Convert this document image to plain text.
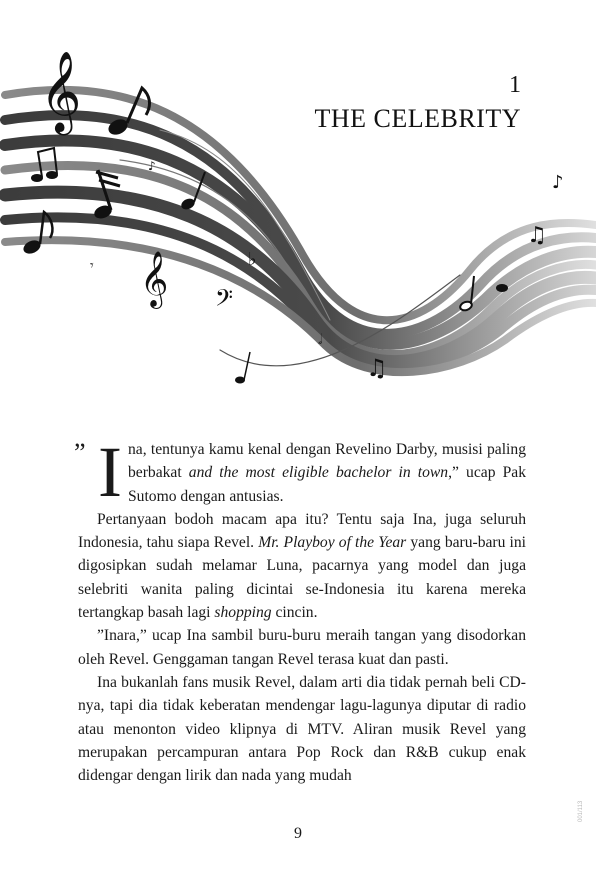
𝄞
𝄞 𝄢
♭
𝄾
♪
𝅗𝅥
♫
♫
♪
1
THE CELEBRITY

” I na, tentunya kamu kenal dengan Revelino Darby, musisi paling berbakat and the most eligible bachelor in town,” ucap Pak Sutomo dengan antusias.

Pertanyaan bodoh macam apa itu? Tentu saja Ina, juga seluruh Indonesia, tahu siapa Revel. Mr. Playboy of the Year yang baru-baru ini digosipkan sudah melamar Luna, pacarnya yang model dan juga selebriti wanita paling dicintai se-Indonesia itu karena mereka tertangkap basah lagi shopping cincin.

”Inara,” ucap Ina sambil buru-buru meraih tangan yang disodorkan oleh Revel. Genggaman tangan Revel terasa kuat dan pasti.

Ina bukanlah fans musik Revel, dalam arti dia tidak pernah beli CD-nya, tapi dia tidak keberatan mendengar lagu-lagunya diputar di radio atau menonton video klipnya di MTV. Aliran musik Revel yang merupakan percampuran antara Pop Rock dan R&B cukup enak didengar dengan lirik dan nada yang mudah

9
001/113
